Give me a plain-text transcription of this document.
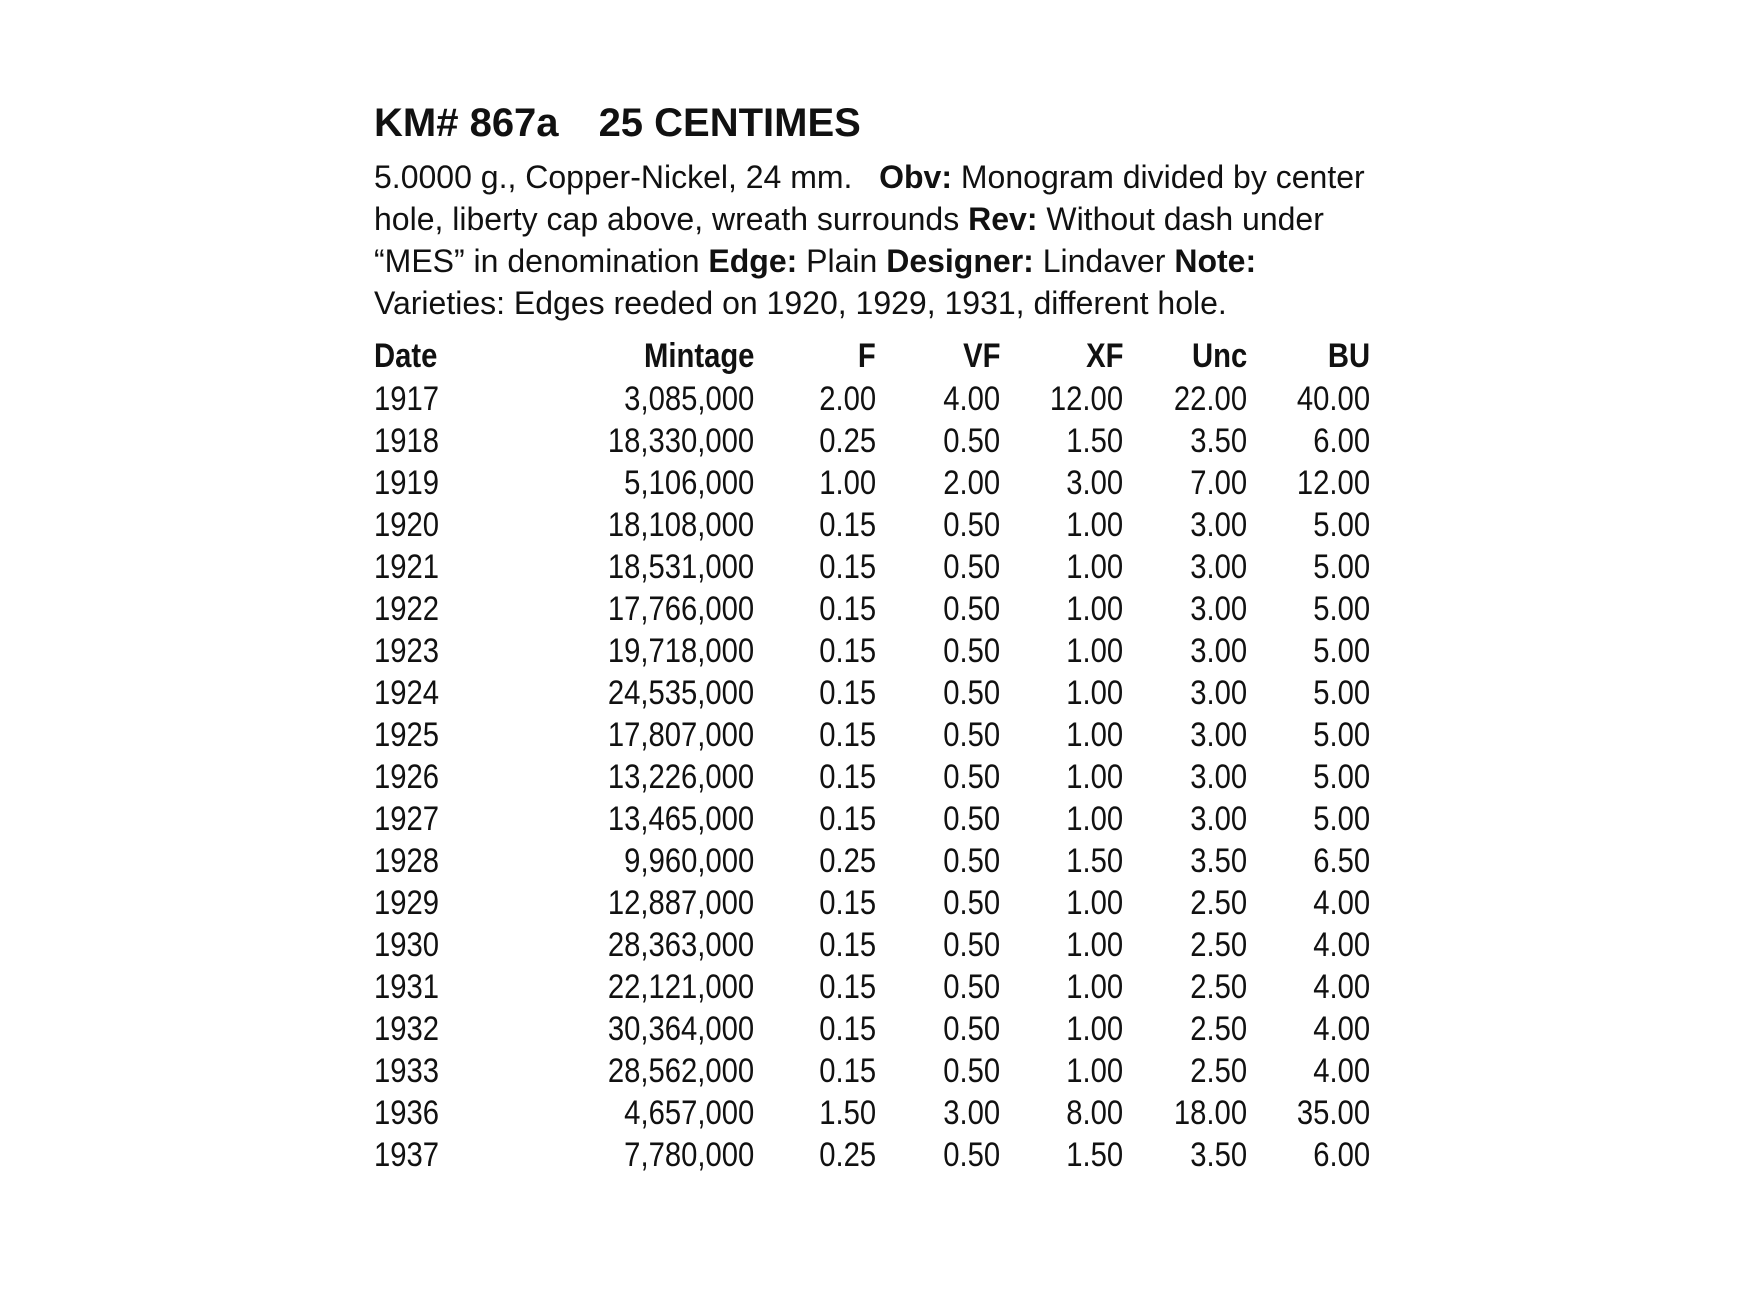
KM# 867a 25 CENTIMES

5.0000 g., Copper-Nickel, 24 mm. Obv: Monogram divided by center hole, liberty cap above, wreath surrounds Rev: Without dash under “MES” in denomination Edge: Plain Designer: Lindaver Note: Varieties: Edges reeded on 1920, 1929, 1931, different hole.

Date	Mintage	F	VF	XF	Unc	BU
1917	3,085,000	2.00	4.00	12.00	22.00	40.00
1918	18,330,000	0.25	0.50	1.50	3.50	6.00
1919	5,106,000	1.00	2.00	3.00	7.00	12.00
1920	18,108,000	0.15	0.50	1.00	3.00	5.00
1921	18,531,000	0.15	0.50	1.00	3.00	5.00
1922	17,766,000	0.15	0.50	1.00	3.00	5.00
1923	19,718,000	0.15	0.50	1.00	3.00	5.00
1924	24,535,000	0.15	0.50	1.00	3.00	5.00
1925	17,807,000	0.15	0.50	1.00	3.00	5.00
1926	13,226,000	0.15	0.50	1.00	3.00	5.00
1927	13,465,000	0.15	0.50	1.00	3.00	5.00
1928	9,960,000	0.25	0.50	1.50	3.50	6.50
1929	12,887,000	0.15	0.50	1.00	2.50	4.00
1930	28,363,000	0.15	0.50	1.00	2.50	4.00
1931	22,121,000	0.15	0.50	1.00	2.50	4.00
1932	30,364,000	0.15	0.50	1.00	2.50	4.00
1933	28,562,000	0.15	0.50	1.00	2.50	4.00
1936	4,657,000	1.50	3.00	8.00	18.00	35.00
1937	7,780,000	0.25	0.50	1.50	3.50	6.00
